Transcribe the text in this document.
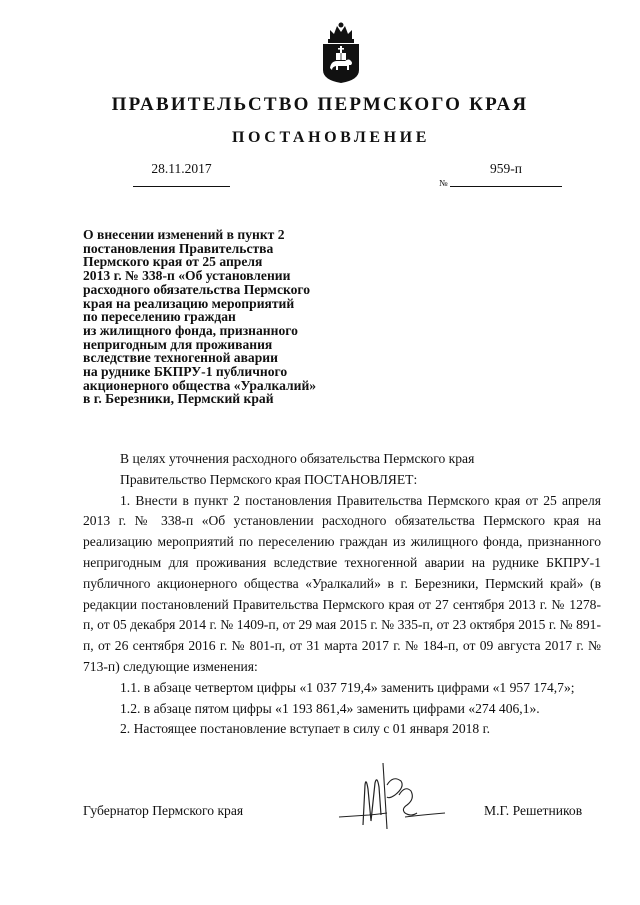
ПРАВИТЕЛЬСТВО ПЕРМСКОГО КРАЯ
ПОСТАНОВЛЕНИЕ
28.11.2017
№
959-п
О внесении изменений в пункт 2
постановления Правительства
Пермского края от 25 апреля
2013 г. № 338-п «Об установлении
расходного обязательства Пермского
края на реализацию мероприятий
по переселению граждан
из жилищного фонда, признанного
непригодным для проживания
вследствие техногенной аварии
на руднике БКПРУ-1 публичного
акционерного общества «Уралкалий»
в г. Березники, Пермский край

В целях уточнения расходного обязательства Пермского края

Правительство Пермского края ПОСТАНОВЛЯЕТ:

1. Внести в пункт 2 постановления Правительства Пермского края от 25 апреля 2013 г. № 338-п «Об установлении расходного обязательства Пермского края на реализацию мероприятий по переселению граждан из жилищного фонда, признанного непригодным для проживания вследствие техногенной аварии на руднике БКПРУ-1 публичного акционерного общества «Уралкалий» в г. Березники, Пермский край» (в редакции постановлений Правительства Пермского края от 27 сентября 2013 г. № 1278-п, от 05 декабря 2014 г. № 1409-п, от 29 мая 2015 г. № 335-п, от 23 октября 2015 г. № 891-п, от 26 сентября 2016 г. № 801-п, от 31 марта 2017 г. № 184-п, от 09 августа 2017 г. № 713-п) следующие изменения:

1.1. в абзаце четвертом цифры «1 037 719,4» заменить цифрами «1 957 174,7»;

1.2. в абзаце пятом цифры «1 193 861,4» заменить цифрами «274 406,1».

2. Настоящее постановление вступает в силу с 01 января 2018 г.

Губернатор Пермского края	М.Г. Решетников
